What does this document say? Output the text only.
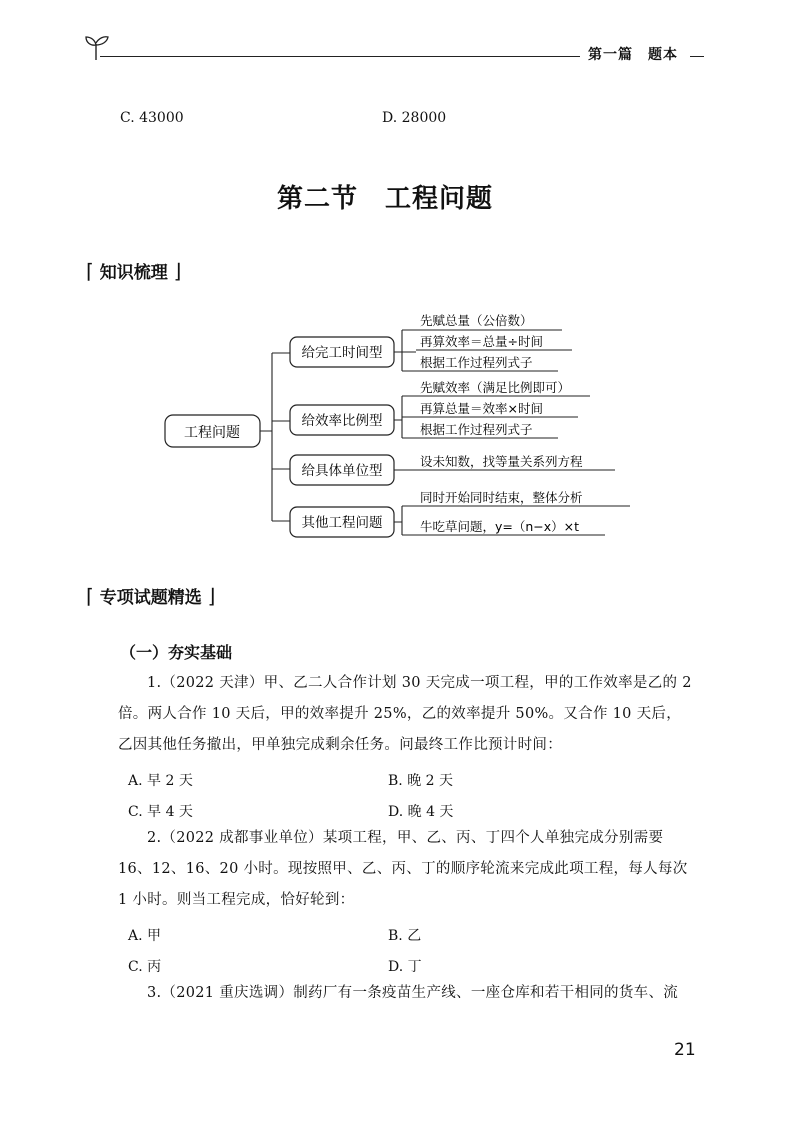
第一篇　题本
C. 43000	D. 28000
第二节　工程问题
⌈ 知识梳理 ⌋
工程问题
给完工时间型
给效率比例型
给具体单位型
其他工程问题
先赋总量（公倍数）
再算效率＝总量÷时间
根据工作过程列式子
先赋效率（满足比例即可）
再算总量＝效率×时间
根据工作过程列式子
设未知数，找等量关系列方程
同时开始同时结束，整体分析
牛吃草问题，y=（n−x）×t
⌈ 专项试题精选 ⌋
（一）夯实基础
1.（2022 天津）甲、乙二人合作计划 30 天完成一项工程，甲的工作效率是乙的 2 倍。两人合作 10 天后，甲的效率提升 25%，乙的效率提升 50%。又合作 10 天后，乙因其他任务撤出，甲单独完成剩余任务。问最终工作比预计时间：
A. 早 2 天	B. 晚 2 天
C. 早 4 天	D. 晚 4 天
2.（2022 成都事业单位）某项工程，甲、乙、丙、丁四个人单独完成分别需要 16、12、16、20 小时。现按照甲、乙、丙、丁的顺序轮流来完成此项工程，每人每次 1 小时。则当工程完成，恰好轮到：
A. 甲	B. 乙
C. 丙	D. 丁
3.（2021 重庆选调）制药厂有一条疫苗生产线、一座仓库和若干相同的货车、流
21
